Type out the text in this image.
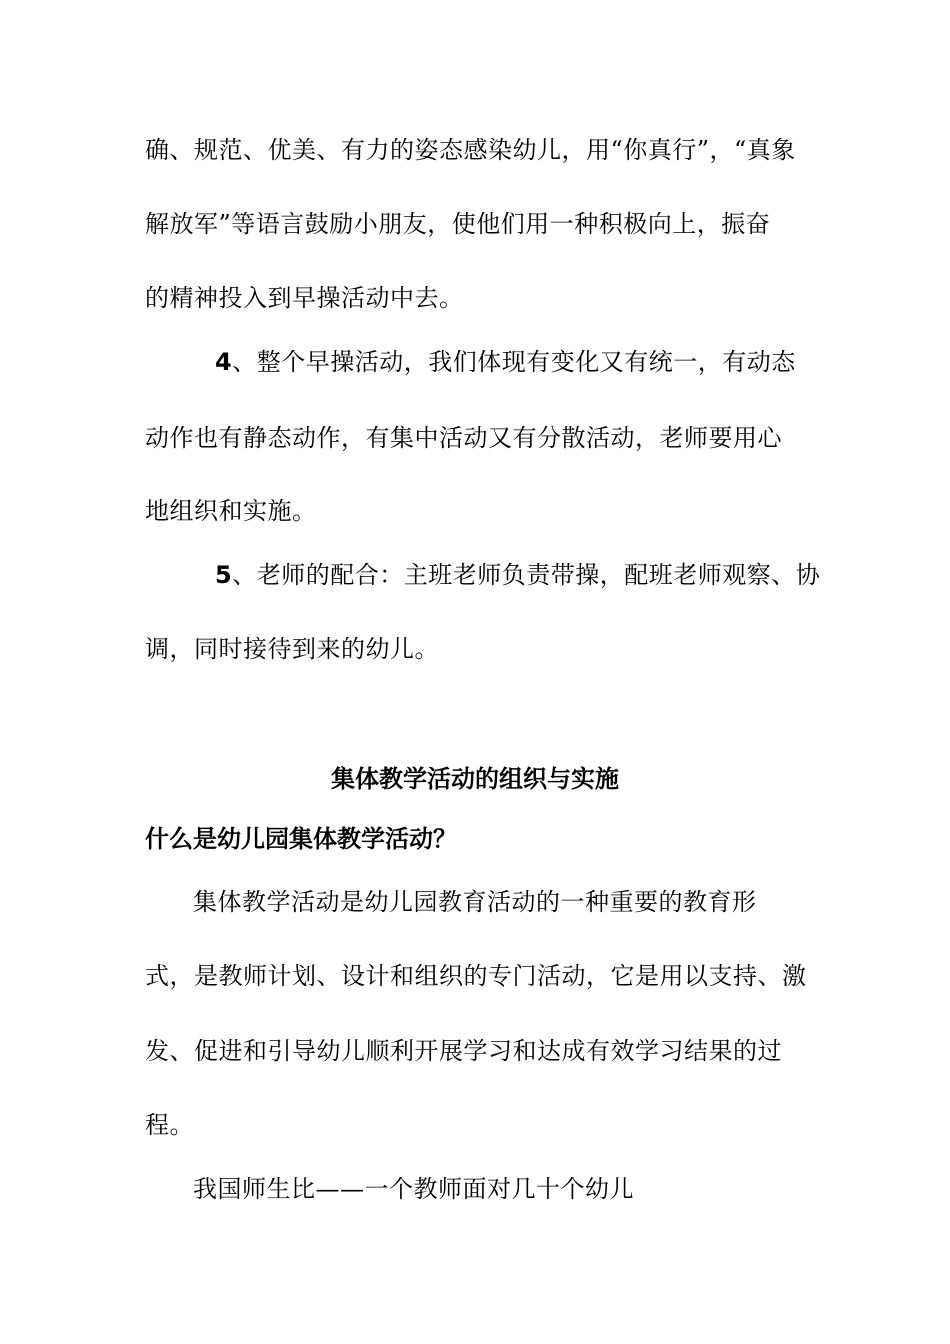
确、规范、优美、有力的姿态感染幼儿，用“你真行”，“真象
解放军”等语言鼓励小朋友，使他们用一种积极向上，振奋
的精神投入到早操活动中去。
4、整个早操活动，我们体现有变化又有统一，有动态
动作也有静态动作，有集中活动又有分散活动，老师要用心
地组织和实施。
5、老师的配合：主班老师负责带操，配班老师观察、协
调，同时接待到来的幼儿。
集体教学活动的组织与实施
什么是幼儿园集体教学活动？
集体教学活动是幼儿园教育活动的一种重要的教育形
式，是教师计划、设计和组织的专门活动，它是用以支持、激
发、促进和引导幼儿顺利开展学习和达成有效学习结果的过
程。
我国师生比——一个教师面对几十个幼儿
